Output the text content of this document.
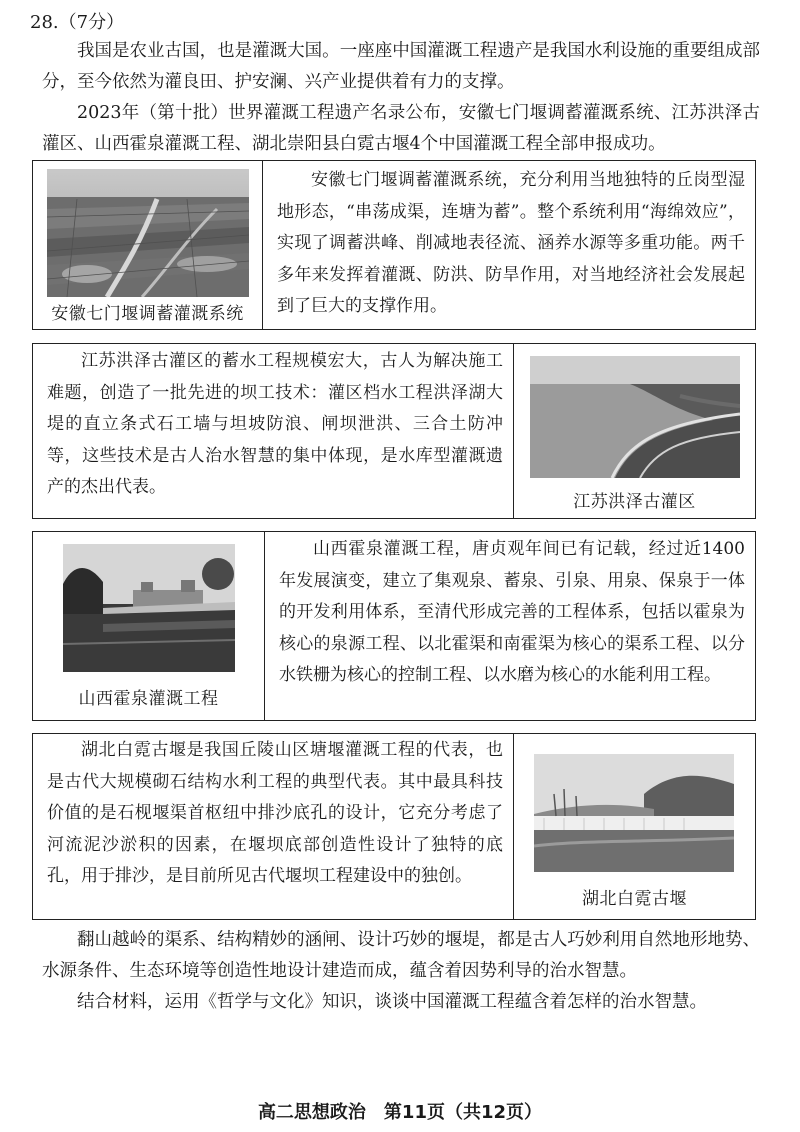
28.（7分）

我国是农业古国，也是灌溉大国。一座座中国灌溉工程遗产是我国水利设施的重要组成部分，至今依然为灌良田、护安澜、兴产业提供着有力的支撑。

2023年（第十批）世界灌溉工程遗产名录公布，安徽七门堰调蓄灌溉系统、江苏洪泽古灌区、山西霍泉灌溉工程、湖北崇阳县白霓古堰4个中国灌溉工程全部申报成功。

安徽七门堰调蓄灌溉系统
安徽七门堰调蓄灌溉系统，充分利用当地独特的丘岗型湿地形态，“串荡成渠，连塘为蓄”。整个系统利用“海绵效应”，实现了调蓄洪峰、削减地表径流、涵养水源等多重功能。两千多年来发挥着灌溉、防洪、防旱作用，对当地经济社会发展起到了巨大的支撑作用。
江苏洪泽古灌区的蓄水工程规模宏大，古人为解决施工难题，创造了一批先进的坝工技术：灌区档水工程洪泽湖大堤的直立条式石工墙与坦坡防浪、闸坝泄洪、三合土防冲等，这些技术是古人治水智慧的集中体现，是水库型灌溉遗产的杰出代表。
江苏洪泽古灌区
山西霍泉灌溉工程
山西霍泉灌溉工程，唐贞观年间已有记载，经过近1400年发展演变，建立了集观泉、蓄泉、引泉、用泉、保泉于一体的开发利用体系，至清代形成完善的工程体系，包括以霍泉为核心的泉源工程、以北霍渠和南霍渠为核心的渠系工程、以分水铁栅为核心的控制工程、以水磨为核心的水能利用工程。
湖北白霓古堰是我国丘陵山区塘堰灌溉工程的代表，也是古代大规模砌石结构水利工程的典型代表。其中最具科技价值的是石枧堰渠首枢纽中排沙底孔的设计，它充分考虑了河流泥沙淤积的因素，在堰坝底部创造性设计了独特的底孔，用于排沙，是目前所见古代堰坝工程建设中的独创。
湖北白霓古堰

翻山越岭的渠系、结构精妙的涵闸、设计巧妙的堰堤，都是古人巧妙利用自然地形地势、水源条件、生态环境等创造性地设计建造而成，蕴含着因势利导的治水智慧。

结合材料，运用《哲学与文化》知识，谈谈中国灌溉工程蕴含着怎样的治水智慧。

高二思想政治　第11页（共12页）
